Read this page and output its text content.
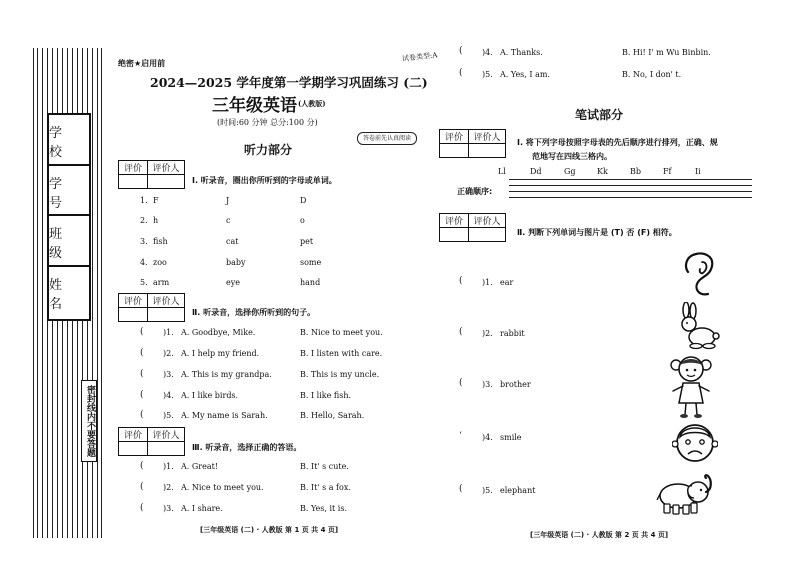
学 校
学 号
班 级
姓 名
密封线内不要答题
绝密★启用前
2024—2025 学年度第一学期学习巩固练习 (二)
三年级英语 (人教版)
(时间:60 分钟 总分:100 分)
试卷类型:A
答卷前先认真阅读
听力部分
评价	评价人

Ⅰ. 听录音，圈出你所听到的字母或单词。
1. F	J	D
2. h	c	o
3. fish	cat	pet
4. zoo	baby	some
5. arm	eye	hand
评价	评价人

Ⅱ. 听录音，选择你所听到的句子。
( )1. A. Goodbye, Mike.	B. Nice to meet you.
( )2. A. I help my friend.	B. I listen with care.
( )3. A. This is my grandpa.	B. This is my uncle.
( )4. A. I like birds.	B. I like fish.
( )5. A. My name is Sarah.	B. Hello, Sarah.
评价	评价人

Ⅲ. 听录音，选择正确的答语。
( )1. A. Great!	B. It' s cute.
( )2. A. Nice to meet you.	B. It' s a fox.
( )3. A. I share.	B. Yes, it is.
( )4. A. Thanks.	B. Hi! I' m Wu Binbin.
( )5. A. Yes, I am.	B. No, I don' t.
笔试部分
评价	评价人
	Ⅰ. 将下列字母按照字母表的先后顺序进行排列，正确、规
范地写在四线三格内。
Ll	Dd	Gg	Kk	Bb	Ff	Ii
正确顺序:
评价	评价人

Ⅱ. 判断下列单词与图片是 (T) 否 (F) 相符。
( )1. ear
( )2. rabbit
( )3. brother
‘	)4. smile
( )5. elephant
[三年级英语 (二) · 人教版 第 1 页 共 4 页]
[三年级英语 (二) · 人教版 第 2 页 共 4 页]
